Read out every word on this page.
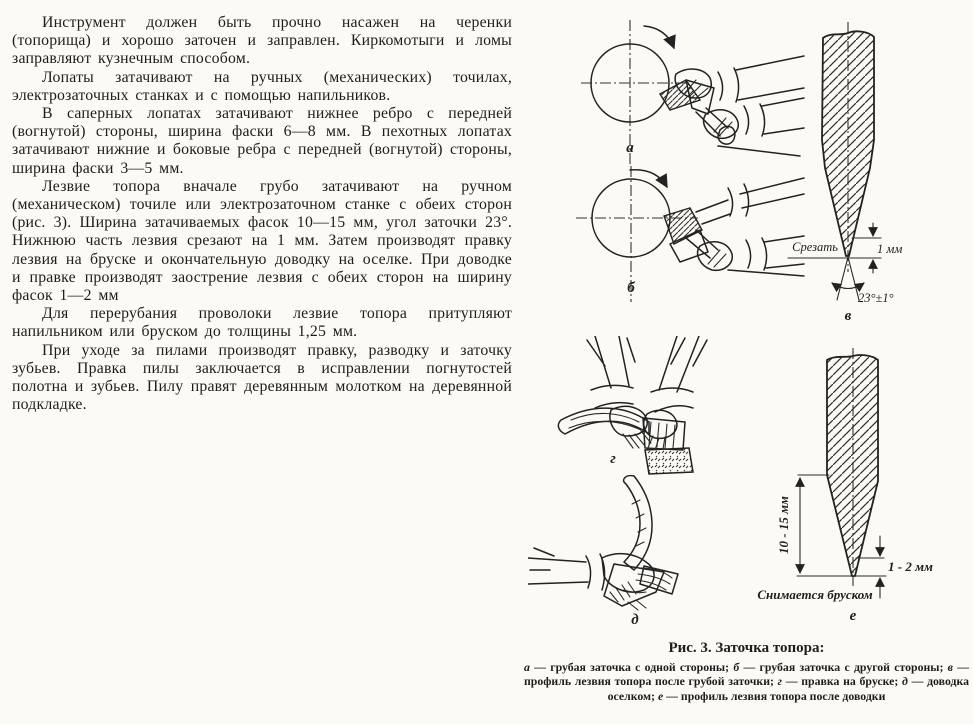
Инструмент должен быть прочно насажен на черенки (топорища) и хорошо заточен и заправлен. Киркомотыги и ломы заправляют кузнечным способом.

Лопаты затачивают на ручных (механических) точилах, электрозаточных станках и с помощью напильников.

В саперных лопатах затачивают нижнее ребро с передней (вогнутой) стороны, ширина фаски 6—8 мм. В пехотных лопатах затачивают нижние и боковые ребра с передней (вогнутой) стороны, ширина фаски 3—5 мм.

Лезвие топора вначале грубо затачивают на ручном (механическом) точиле или электрозаточном станке с обеих сторон (рис. 3). Ширина затачиваемых фасок 10—15 мм, угол заточки 23°. Нижнюю часть лезвия срезают на 1 мм. Затем производят правку лезвия на бруске и окончательную доводку на оселке. При доводке и правке производят заострение лезвия с обеих сторон на ширину фасок 1—2 мм

Для перерубания проволоки лезвие топора притупляют напильником или бруском до толщины 1,25 мм.

При уходе за пилами производят правку, разводку и заточку зубьев. Правка пилы заключается в исправлении погнутостей полотна и зубьев. Пилу правят деревянным молотком на деревянной подкладке.

а
б
1 мм
Срезать
23°±1°
в
г
д
10 - 15 мм
1 - 2 мм
Снимается бруском
е
Рис. 3. Заточка топора:
а — грубая заточка с одной стороны; б — грубая заточка с другой стороны; в — профиль лезвия топора после грубой заточки; г — правка на бруске; д — доводка оселком; е — профиль лезвия топора после доводки
